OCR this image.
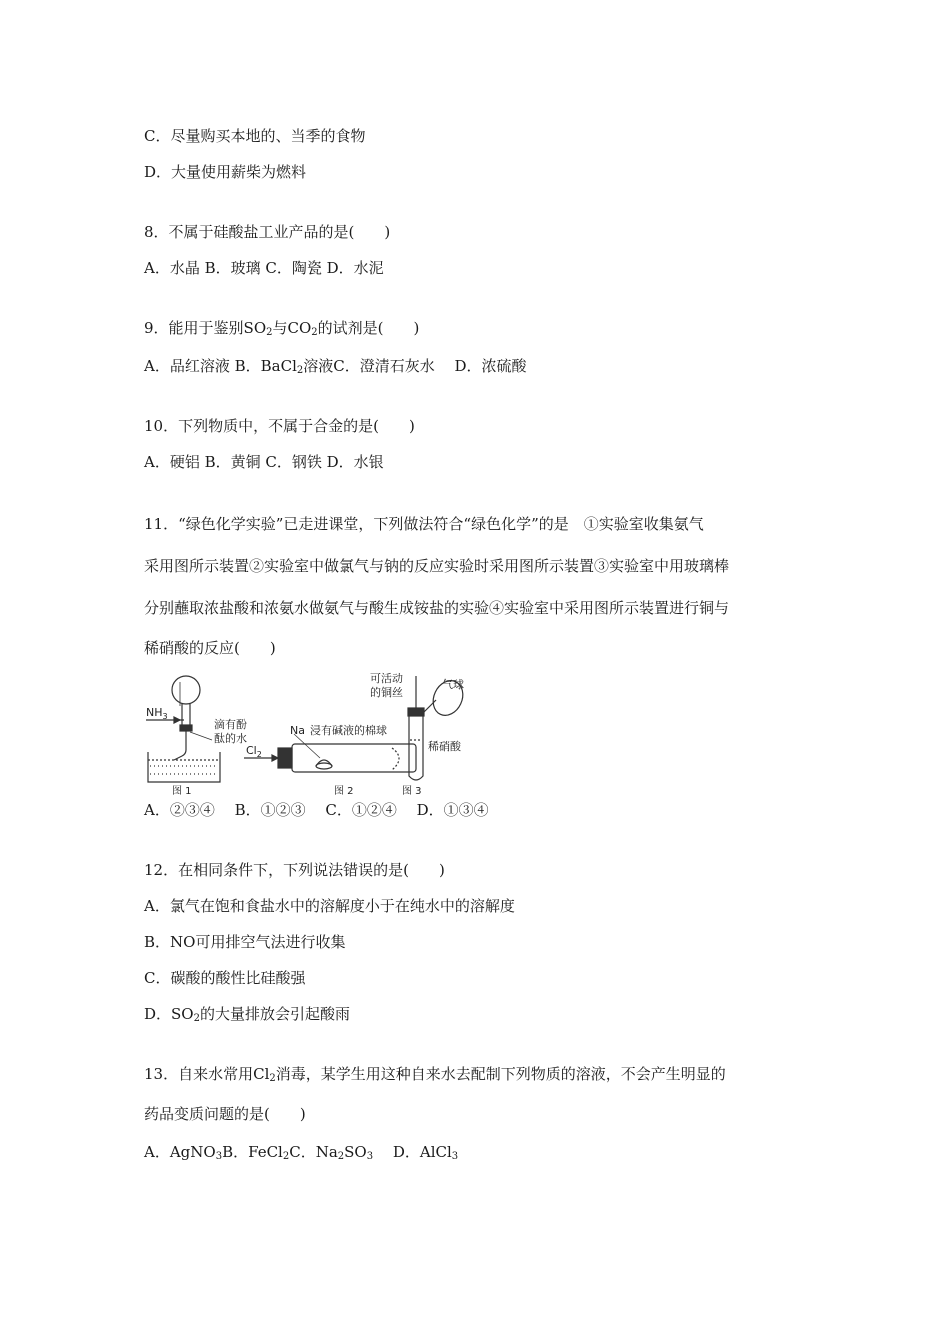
C．尽量购买本地的、当季的食物
D．大量使用薪柴为燃料
8．不属于硅酸盐工业产品的是(　　)
A．水晶 B．玻璃 C．陶瓷 D．水泥
9．能用于鉴别$SO_2$与$CO_2$的试剂是(　　)
A．品红溶液 B．BaCl$_2$溶液C．澄清石灰水　 D．浓硫酸
10．下列物质中，不属于合金的是(　　)
A．硬铝 B．黄铜 C．钢铁 D．水银
11．“绿色化学实验”已走进课堂，下列做法符合“绿色化学”的是　①实验室收集氨气
采用图所示装置②实验室中做氯气与钠的反应实验时采用图所示装置③实验室中用玻璃棒
分别蘸取浓盐酸和浓氨水做氨气与酸生成铵盐的实验④实验室中采用图所示装置进行铜与
稀硝酸的反应(　　)
$NH_3$
滴有酚
酞的水
图 1
$Cl_2$
Na 浸有碱液的棉球
图 2
可活动
的铜丝
气球
稀硝酸
图 3
A．②③④　 B．①②③　 C．①②④　 D．①③④
12．在相同条件下，下列说法错误的是(　　)
A．氯气在饱和食盐水中的溶解度小于在纯水中的溶解度
B．NO可用排空气法进行收集
C．碳酸的酸性比硅酸强
D．$SO_2$的大量排放会引起酸雨
13．自来水常用$Cl_2$消毒，某学生用这种自来水去配制下列物质的溶液，不会产生明显的
药品变质问题的是(　　)
A．AgNO$_3$B．FeCl$_2$C．$Na_2SO_3$　 D．AlCl$_3$
